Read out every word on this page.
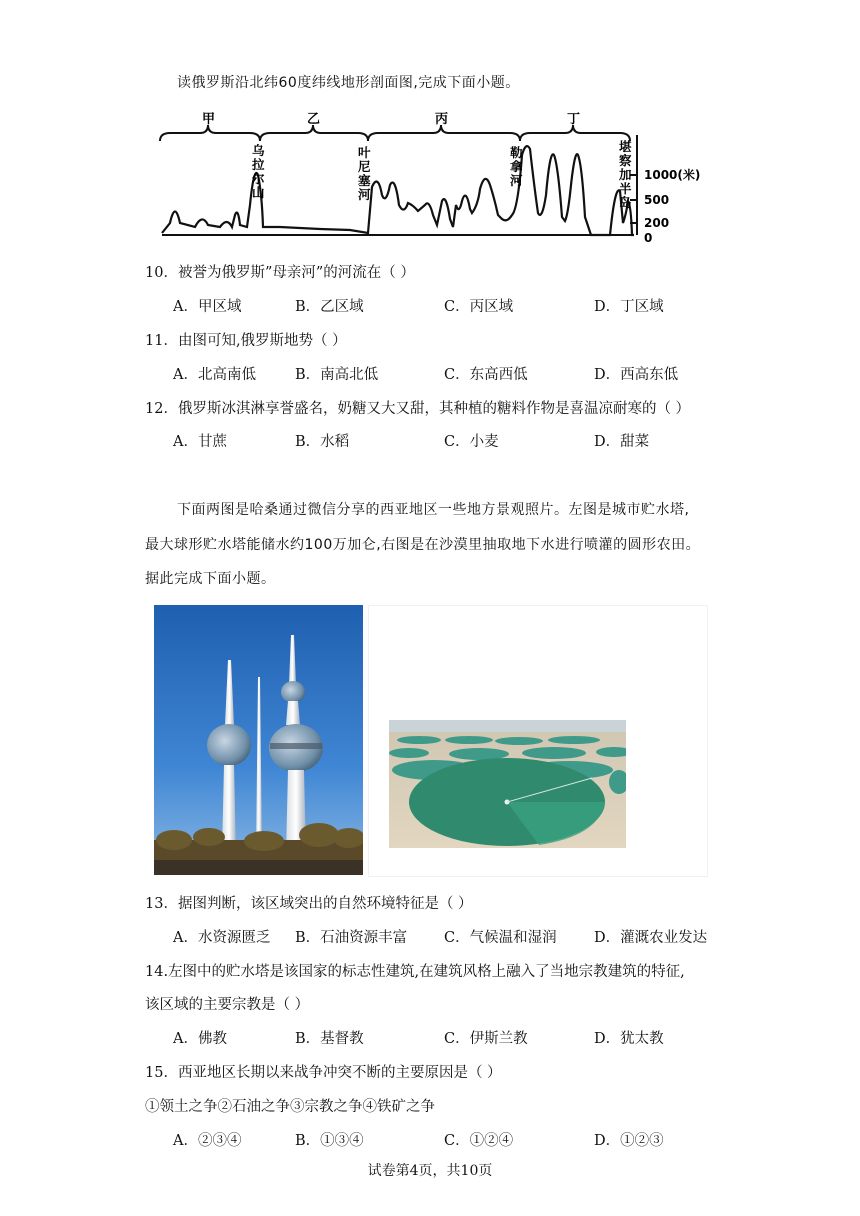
读俄罗斯沿北纬60度纬线地形剖面图,完成下面小题。
甲	乙	丙	丁
1000(米)
500
200
0
乌拉尔山
叶尼塞河
勒拿河
堪察加半岛
10．被誉为俄罗斯”母亲河”的河流在（ ）
A．甲区域	B．乙区域	C．丙区域	D．丁区域
11．由图可知,俄罗斯地势（ ）
A．北高南低	B．南高北低	C．东高西低	D．西高东低
12．俄罗斯冰淇淋享誉盛名，奶糖又大又甜，其种植的糖料作物是喜温凉耐寒的（ ）
A．甘蔗	B．水稻	C．小麦	D．甜菜
下面两图是哈桑通过微信分享的西亚地区一些地方景观照片。左图是城市贮水塔,
最大球形贮水塔能储水约100万加仑,右图是在沙漠里抽取地下水进行喷灌的圆形农田。
据此完成下面小题。
13．据图判断，该区域突出的自然环境特征是（ ）
A．水资源匮乏 B．石油资源丰富	C．气候温和湿润	D．灌溉农业发达
14.左图中的贮水塔是该国家的标志性建筑,在建筑风格上融入了当地宗教建筑的特征,
该区域的主要宗教是（ ）
A．佛教	B．基督教	C．伊斯兰教	D．犹太教
15．西亚地区长期以来战争冲突不断的主要原因是（ ）
①领土之争②石油之争③宗教之争④铁矿之争
A．②③④	B．①③④	C．①②④	D．①②③
试卷第4页，共10页
